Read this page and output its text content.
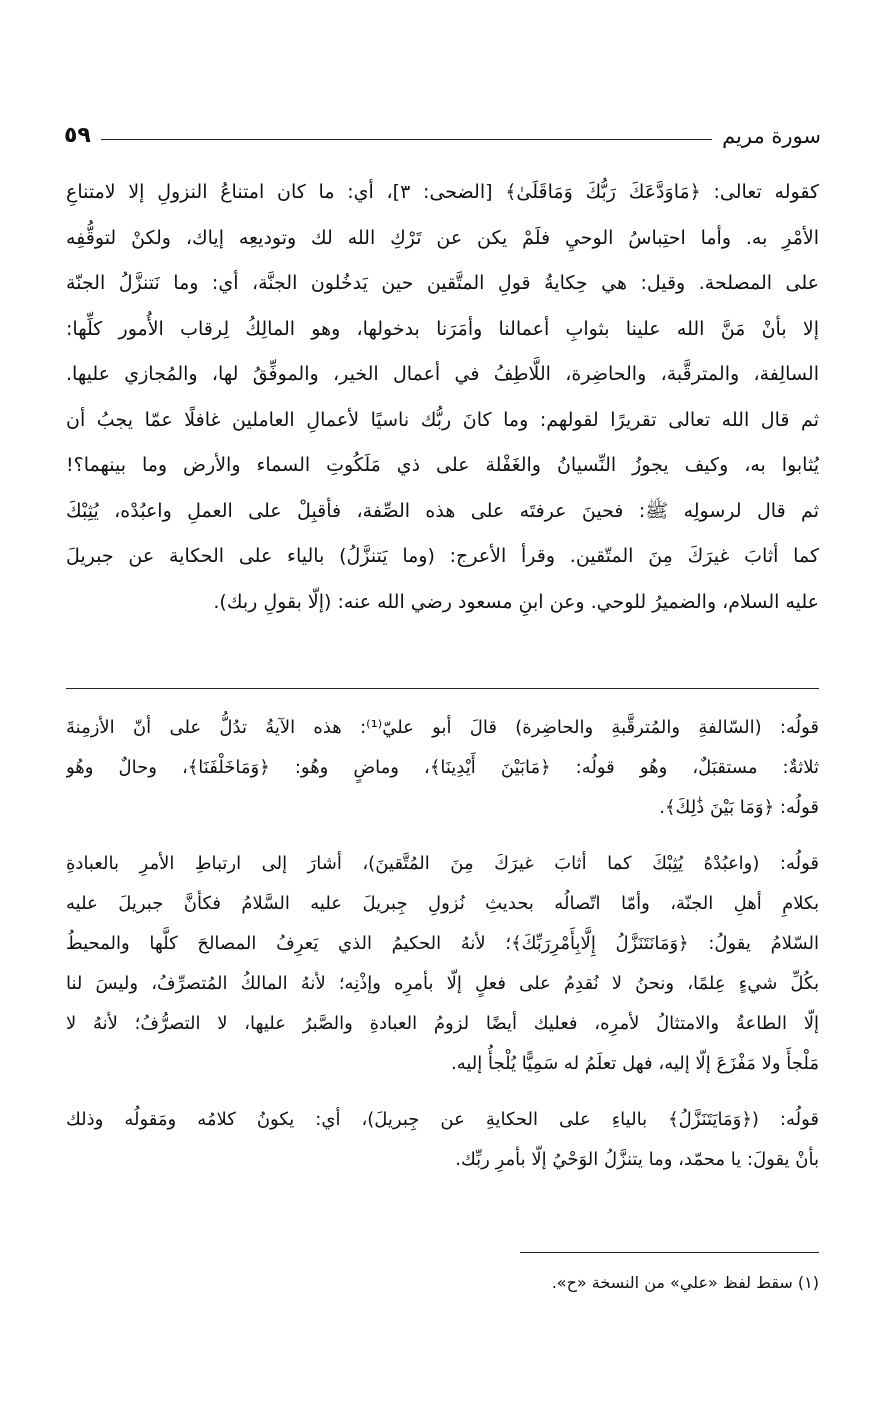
سورة مريم
٥٩
كقوله تعالى: ﴿مَاوَدَّعَكَ رَبُّكَ وَمَاقَلَىٰ﴾ [الضحى: ٣]، أي: ما كان امتناعُ النزولِ إلا لامتناعِ
الأمْرِ به. وأما احتِباسُ الوحيِ فلَمْ يكن عن تَرْكِ الله لك وتوديعِه إياك، ولكنْ لتوقُّفِه
على المصلحة. وقيل: هي حِكايةُ قولِ المتَّقين حين يَدخُلون الجنَّة، أي: وما نَتنزَّلُ الجنّة
إلا بأنْ مَنَّ الله علينا بثوابِ أعمالنا وأمَرَنا بدخولها، وهو المالِكُ لِرقاب الأُمور كلِّها:
السالِفة، والمترقَّبة، والحاضِرة، اللَّاطِفُ في أعمال الخير، والموفِّقُ لها، والمُجازي عليها.
ثم قال الله تعالى تقريرًا لقولهم: وما كانَ ربُّك ناسيًا لأعمالِ العاملين غافلًا عمّا يجبُ أن
يُثابوا به، وكيف يجوزُ النِّسيانُ والغَفْلة على ذي مَلَكُوتِ السماء والأرض وما بينهما؟!
ثم قال لرسولِه ﷺ: فحينَ عرفتَه على هذه الصِّفة، فأقبِلْ على العملِ واعبُدْه، يُثِبْكَ
كما أثابَ غيرَكَ مِنَ المتّقين. وقرأ الأعرج: (وما يَتنزَّلُ) بالياء على الحكاية عن جبريلَ
عليه السلام، والضميرُ للوحي. وعن ابنِ مسعود رضي الله عنه: (إلّا بقولِ ربك).
قولُه: (السّالفةِ والمُترقَّبةِ والحاضِرة) قالَ أبو عليّ⁽¹⁾: هذه الآيةُ تدُلُّ على أنّ الأزمِنةَ
ثلاثةٌ: مستقبَلٌ، وهُو قولُه: ﴿مَابَيْنَ أَيْدِينَا﴾، وماضٍ وهُو: ﴿وَمَاخَلْفَنَا﴾، وحالٌ وهُو
قولُه: ﴿وَمَا بَيْنَ ذَٰلِكَ﴾.
قولُه: (واعبُدْهُ يُثِبْكَ كما أثابَ غيرَكَ مِنَ المُتَّقينَ)، أشارَ إلى ارتباطِ الأمرِ بالعبادةِ
بكلامِ أهلِ الجنّة، وأمّا اتّصالُه بحديثِ نُزولِ جِبريلَ عليه السَّلامُ فكأنَّ جبريلَ عليه
السّلامُ يقولُ: ﴿وَمَانَتَنَزَّلُ إِلَّابِأَمْرِرَبِّكَ﴾؛ لأنهُ الحكيمُ الذي يَعرِفُ المصالحَ كلَّها والمحيطُ
بكُلِّ شيءٍ عِلمًا، ونحنُ لا نُقدِمُ على فعلٍ إلّا بأمرِه وإذْنِه؛ لأنهُ المالكُ المُتصرِّفُ، وليسَ لنا
إلّا الطاعةُ والامتثالُ لأمرِه، فعليك أيضًا لزومُ العبادةِ والصَّبرُ عليها، لا التصرُّفُ؛ لأنهُ لا
مَلْجأَ ولا مَفْزَعَ إلّا إليه، فهل تعلَمُ له سَمِيًّا يُلْجأُ إليه.
قولُه: (﴿وَمَايَتَنَزَّلُ﴾ بالياءِ على الحكايةِ عن جِبريلَ)، أي: يكونُ كلامُه ومَقولُه وذلك
بأنْ يقولَ: يا محمّد، وما يتنزَّلُ الوَحْيُ إلّا بأمرِ ربِّك.
(١) سقط لفظ «علي» من النسخة «ح».
